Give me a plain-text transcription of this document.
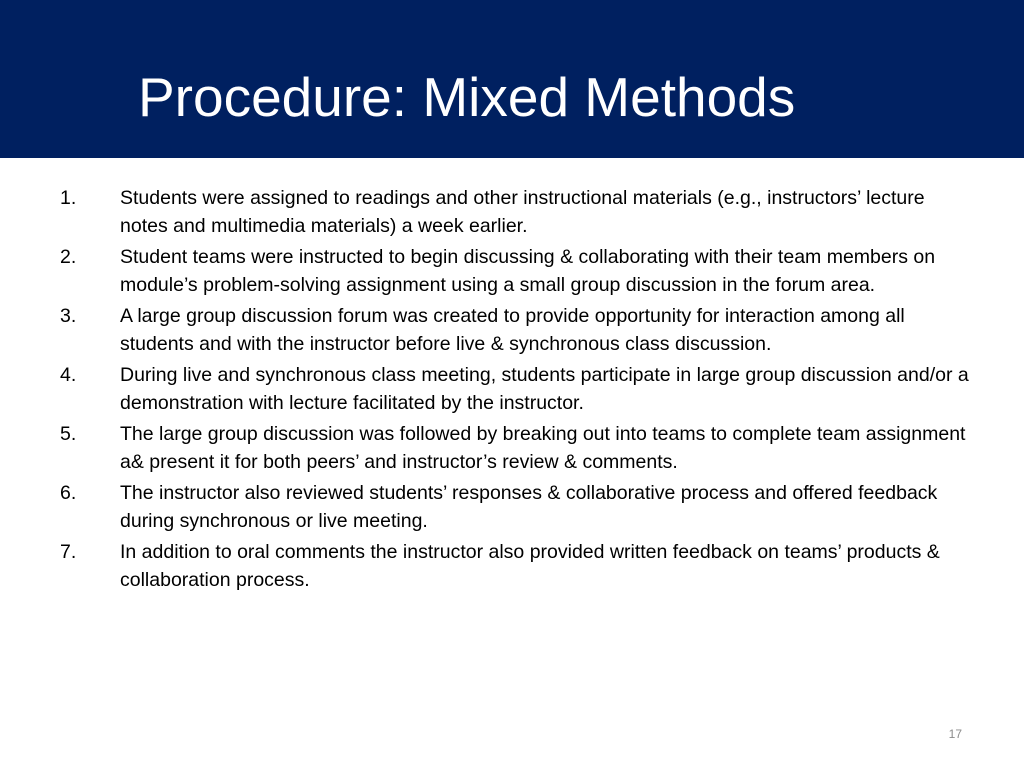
Procedure: Mixed Methods
1.	Students were assigned to readings and other instructional materials (e.g., instructors’ lecture notes and multimedia materials) a week earlier.
2.	Student teams were instructed to begin discussing & collaborating with their team members on module’s problem-solving assignment using a small group discussion in the forum area.
3.	A large group discussion forum was created to provide opportunity for interaction among all students and with the instructor before live & synchronous class discussion.
4.	During live and synchronous class meeting, students participate in large group discussion and/or a demonstration with lecture facilitated by the instructor.
5.	The large group discussion was followed by breaking out into teams to complete team assignment a& present it for both peers’ and instructor’s review & comments.
6.	The instructor also reviewed students’ responses & collaborative process and offered feedback  during synchronous or live meeting.
7.	In addition to oral comments the instructor also provided written feedback on teams’ products & collaboration process.
17
